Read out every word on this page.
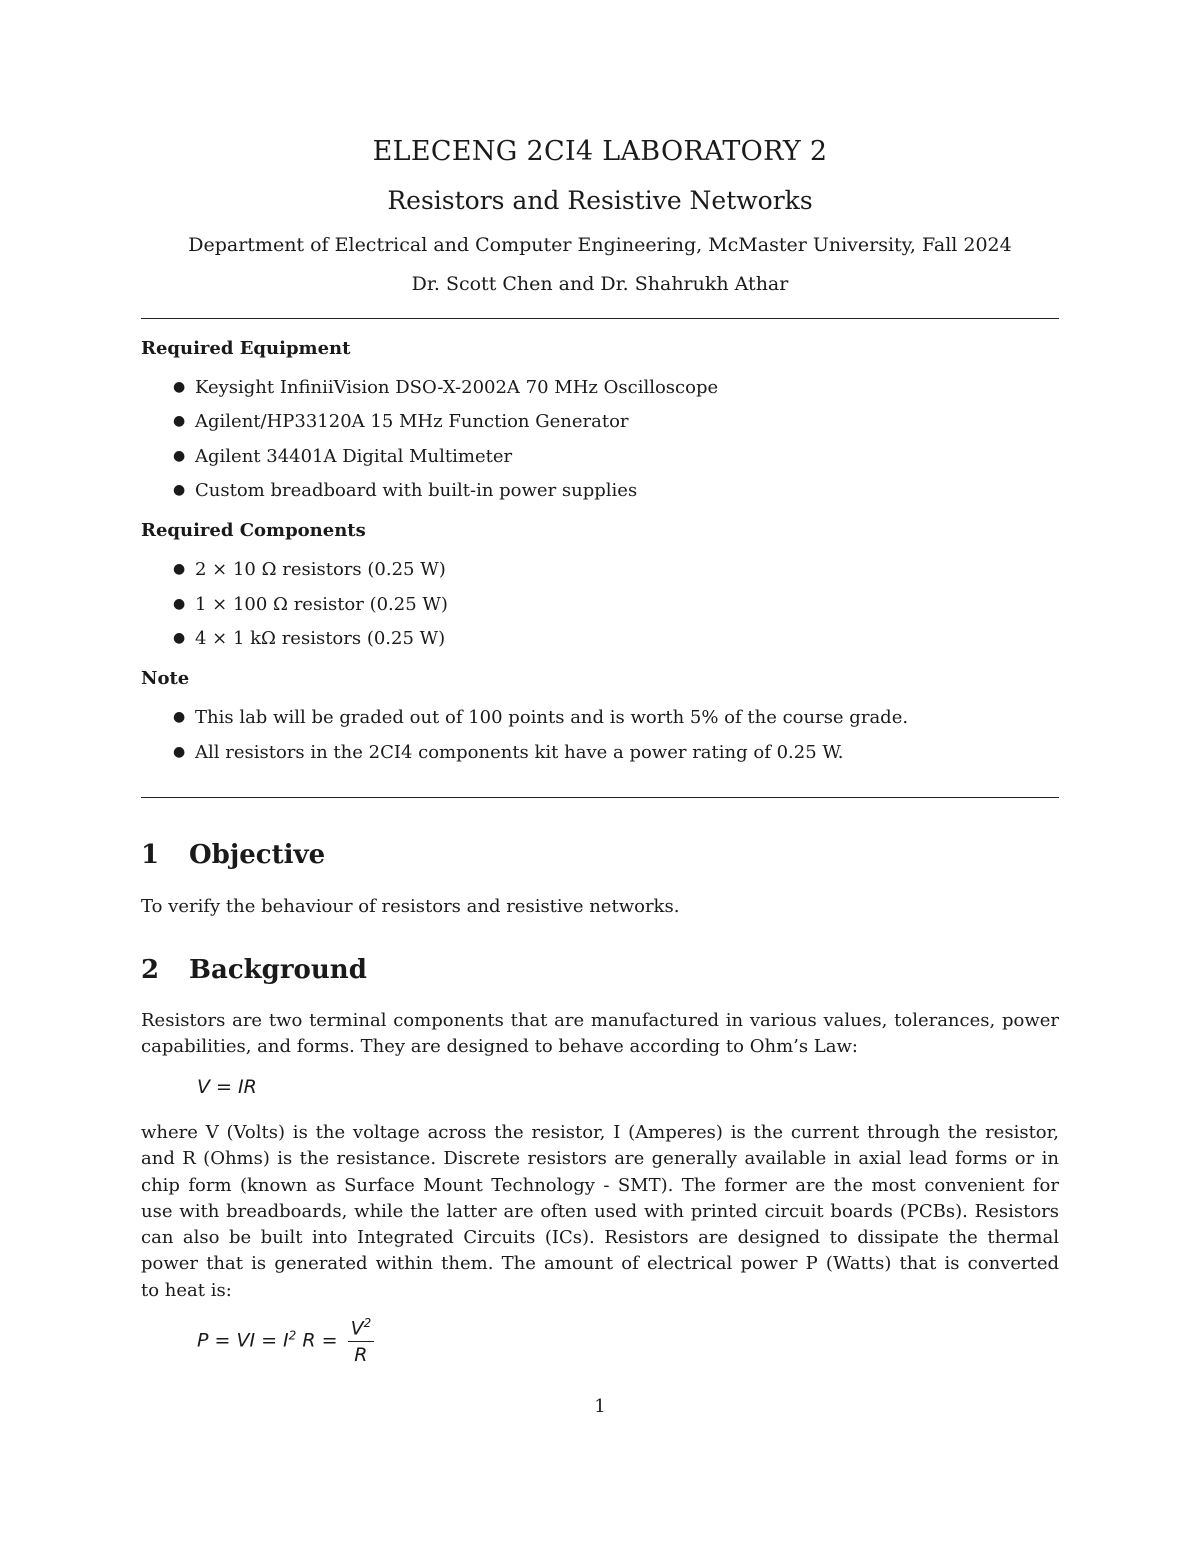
ELECENG 2CI4 LABORATORY 2
Resistors and Resistive Networks
Department of Electrical and Computer Engineering, McMaster University, Fall 2024
Dr. Scott Chen and Dr. Shahrukh Athar
Required Equipment
● Keysight InfiniiVision DSO-X-2002A 70 MHz Oscilloscope
● Agilent/HP33120A 15 MHz Function Generator
● Agilent 34401A Digital Multimeter
● Custom breadboard with built-in power supplies
Required Components
● 2 × 10 Ω resistors (0.25 W)
● 1 × 100 Ω resistor (0.25 W)
● 4 × 1 kΩ resistors (0.25 W)
Note
● This lab will be graded out of 100 points and is worth 5% of the course grade.
● All resistors in the 2CI4 components kit have a power rating of 0.25 W.
1 Objective
To verify the behaviour of resistors and resistive networks.
2 Background
Resistors are two terminal components that are manufactured in various values, tolerances, power
capabilities, and forms. They are designed to behave according to Ohm’s Law:
V = IR
where V (Volts) is the voltage across the resistor, I (Amperes) is the current through the resistor,
and R (Ohms) is the resistance. Discrete resistors are generally available in axial lead forms or in
chip form (known as Surface Mount Technology - SMT). The former are the most convenient for
use with breadboards, while the latter are often used with printed circuit boards (PCBs). Resistors
can also be built into Integrated Circuits (ICs). Resistors are designed to dissipate the thermal
power that is generated within them. The amount of electrical power P (Watts) that is converted
to heat is:
P = VI = $I^2$ $R = \frac{V^2}{R}$
1
